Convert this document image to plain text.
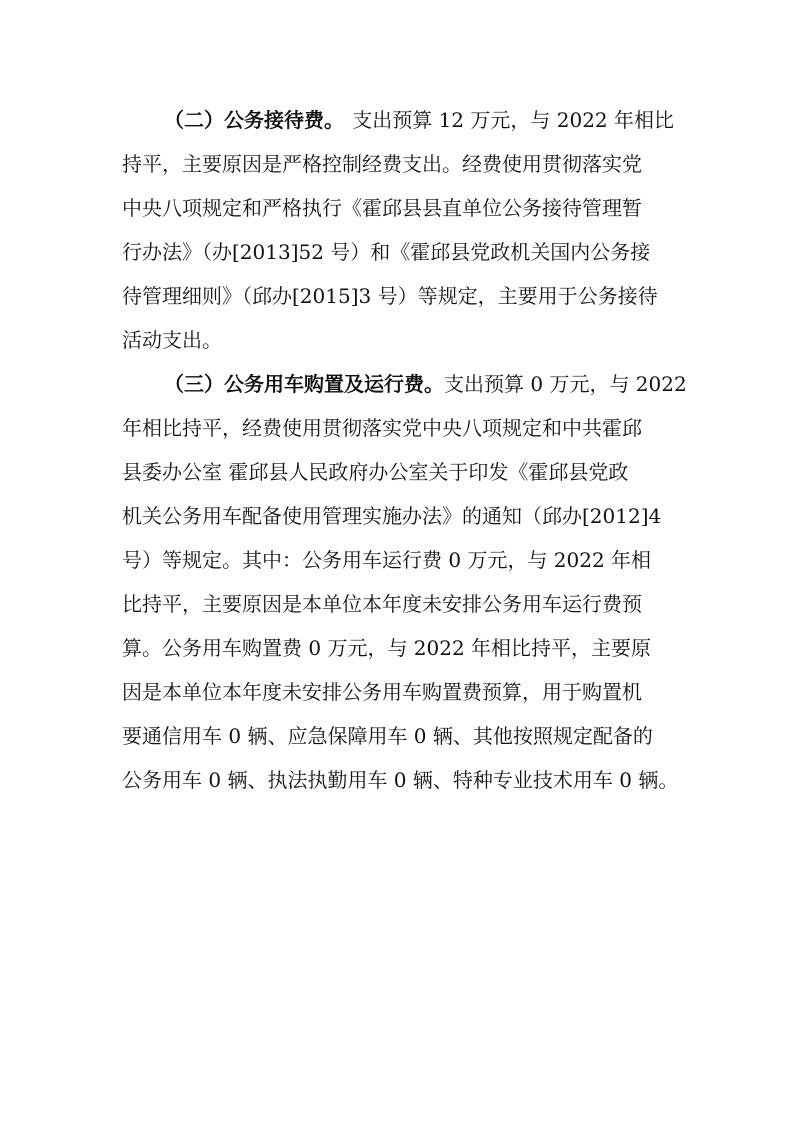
（二）公务接待费。 支出预算 12 万元，与 2022 年相比
持平，主要原因是严格控制经费支出。经费使用贯彻落实党
中央八项规定和严格执行《霍邱县县直单位公务接待管理暂
行办法》（办[2013]52 号）和《霍邱县党政机关国内公务接
待管理细则》（邱办[2015]3 号）等规定，主要用于公务接待
活动支出。
（三）公务用车购置及运行费。 支出预算 0 万元，与 2022
年相比持平，经费使用贯彻落实党中央八项规定和中共霍邱
县委办公室 霍邱县人民政府办公室关于印发《霍邱县党政
机关公务用车配备使用管理实施办法》的通知（邱办[2012]4
号）等规定。其中：公务用车运行费 0 万元，与 2022 年相
比持平，主要原因是本单位本年度未安排公务用车运行费预
算。公务用车购置费 0 万元，与 2022 年相比持平，主要原
因是本单位本年度未安排公务用车购置费预算，用于购置机
要通信用车 0 辆、应急保障用车 0 辆、其他按照规定配备的
公务用车 0 辆、执法执勤用车 0 辆、特种专业技术用车 0 辆。
